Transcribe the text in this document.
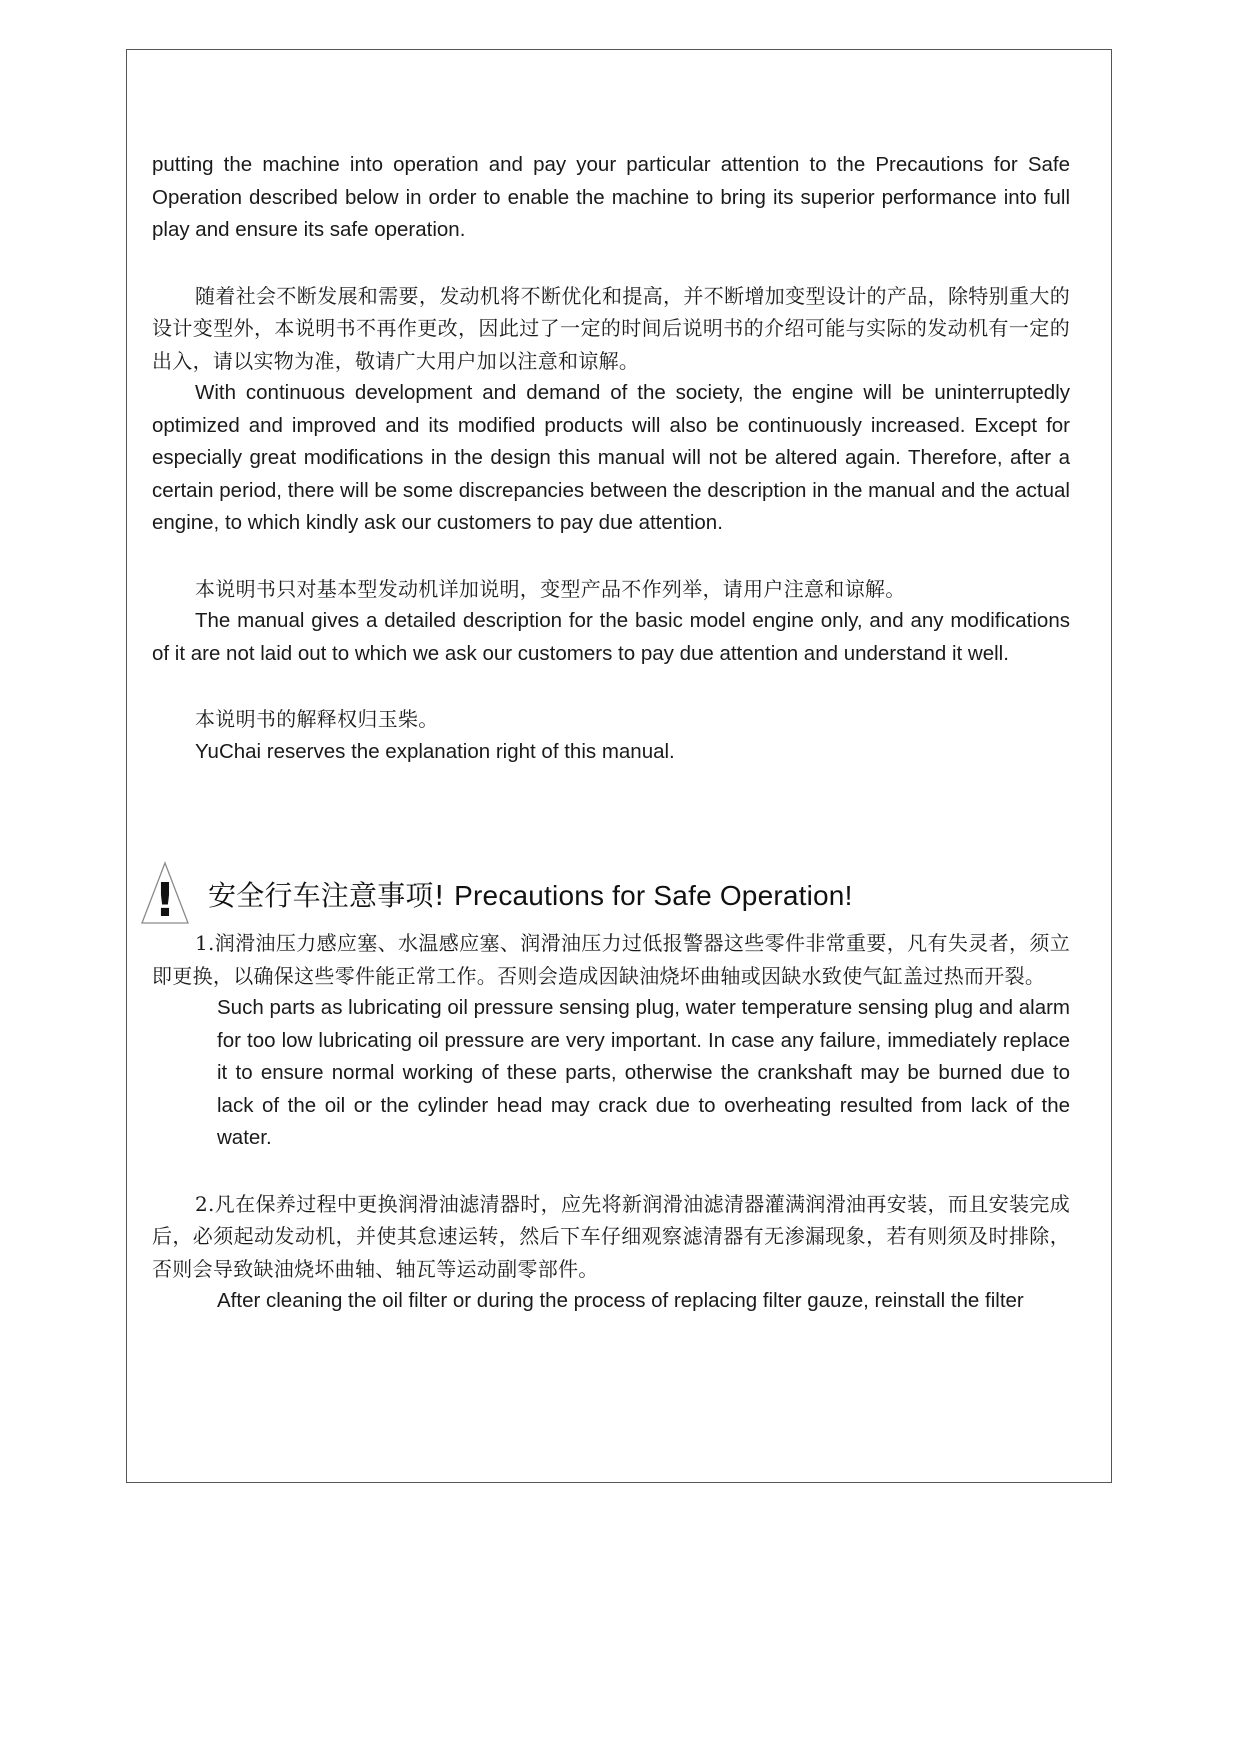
putting the machine into operation and pay your particular attention to the Precautions for Safe Operation described below in order to enable the machine to bring its superior performance into full play and ensure its safe operation.

随着社会不断发展和需要，发动机将不断优化和提高，并不断增加变型设计的产品，除特别重大的设计变型外，本说明书不再作更改，因此过了一定的时间后说明书的介绍可能与实际的发动机有一定的出入，请以实物为准，敬请广大用户加以注意和谅解。

With continuous development and demand of the society, the engine will be uninterruptedly optimized and improved and its modified products will also be continuously increased. Except for especially great modifications in the design this manual will not be altered again. Therefore, after a certain period, there will be some discrepancies between the description in the manual and the actual engine, to which kindly ask our customers to pay due attention.

本说明书只对基本型发动机详加说明，变型产品不作列举，请用户注意和谅解。

The manual gives a detailed description for the basic model engine only, and any modifications of it are not laid out to which we ask our customers to pay due attention and understand it well.

本说明书的解释权归玉柴。

YuChai reserves the explanation right of this manual.

! 安全行车注意事项! Precautions for Safe Operation!

1.润滑油压力感应塞、水温感应塞、润滑油压力过低报警器这些零件非常重要，凡有失灵者，须立即更换，以确保这些零件能正常工作。否则会造成因缺油烧坏曲轴或因缺水致使气缸盖过热而开裂。

Such parts as lubricating oil pressure sensing plug, water temperature sensing plug and alarm for too low lubricating oil pressure are very important. In case any failure, immediately replace it to ensure normal working of these parts, otherwise the crankshaft may be burned due to lack of the oil or the cylinder head may crack due to overheating resulted from lack of the water.

2.凡在保养过程中更换润滑油滤清器时，应先将新润滑油滤清器灌满润滑油再安装，而且安装完成后，必须起动发动机，并使其怠速运转，然后下车仔细观察滤清器有无渗漏现象，若有则须及时排除，否则会导致缺油烧坏曲轴、轴瓦等运动副零部件。

After cleaning the oil filter or during the process of replacing filter gauze, reinstall the filter
